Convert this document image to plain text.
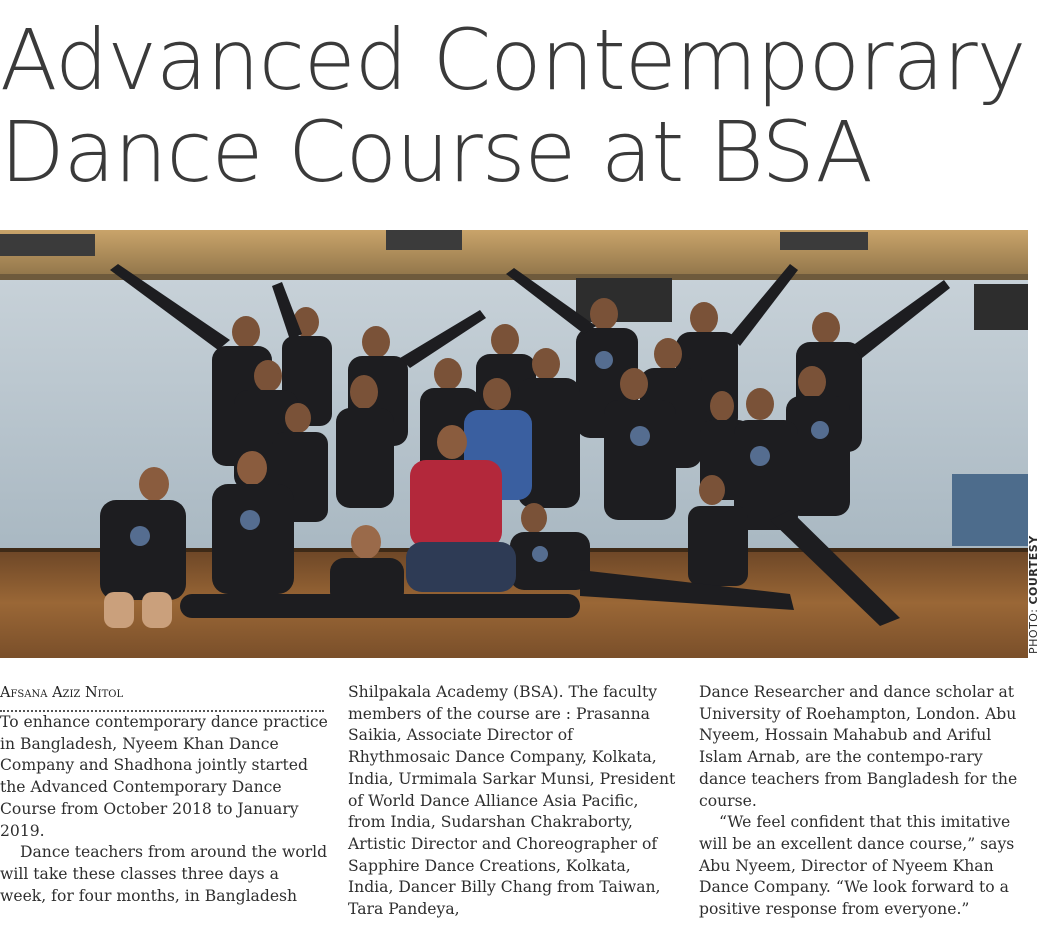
Advanced Contemporary
Dance Course at BSA
PHOTO: COURTESY

Afsana Aziz Nitol

To enhance contemporary dance practice in Bangladesh, Nyeem Khan Dance Company and Shadhona jointly started the Advanced Contemporary Dance Course from October 2018 to January 2019.

Dance teachers from around the world will take these classes three days a week, for four months, in Bangladesh

Shilpakala Academy (BSA). The faculty members of the course are : Prasanna Saikia, Associate Director of Rhythmosaic Dance Company, Kolkata, India, Urmimala Sarkar Munsi, President of World Dance Alliance Asia Pacific, from India, Sudarshan Chakraborty, Artistic Director and Choreographer of Sapphire Dance Creations, Kolkata, India, Dancer Billy Chang from Taiwan, Tara Pandeya,

Dance Researcher and dance scholar at University of Roehampton, London. Abu Nyeem, Hossain Mahabub and Ariful Islam Arnab, are the contempo-rary dance teachers from Bangladesh for the course.

“We feel confident that this imitative will be an excellent dance course,” says Abu Nyeem, Director of Nyeem Khan Dance Company. “We look forward to a positive response from everyone.”
